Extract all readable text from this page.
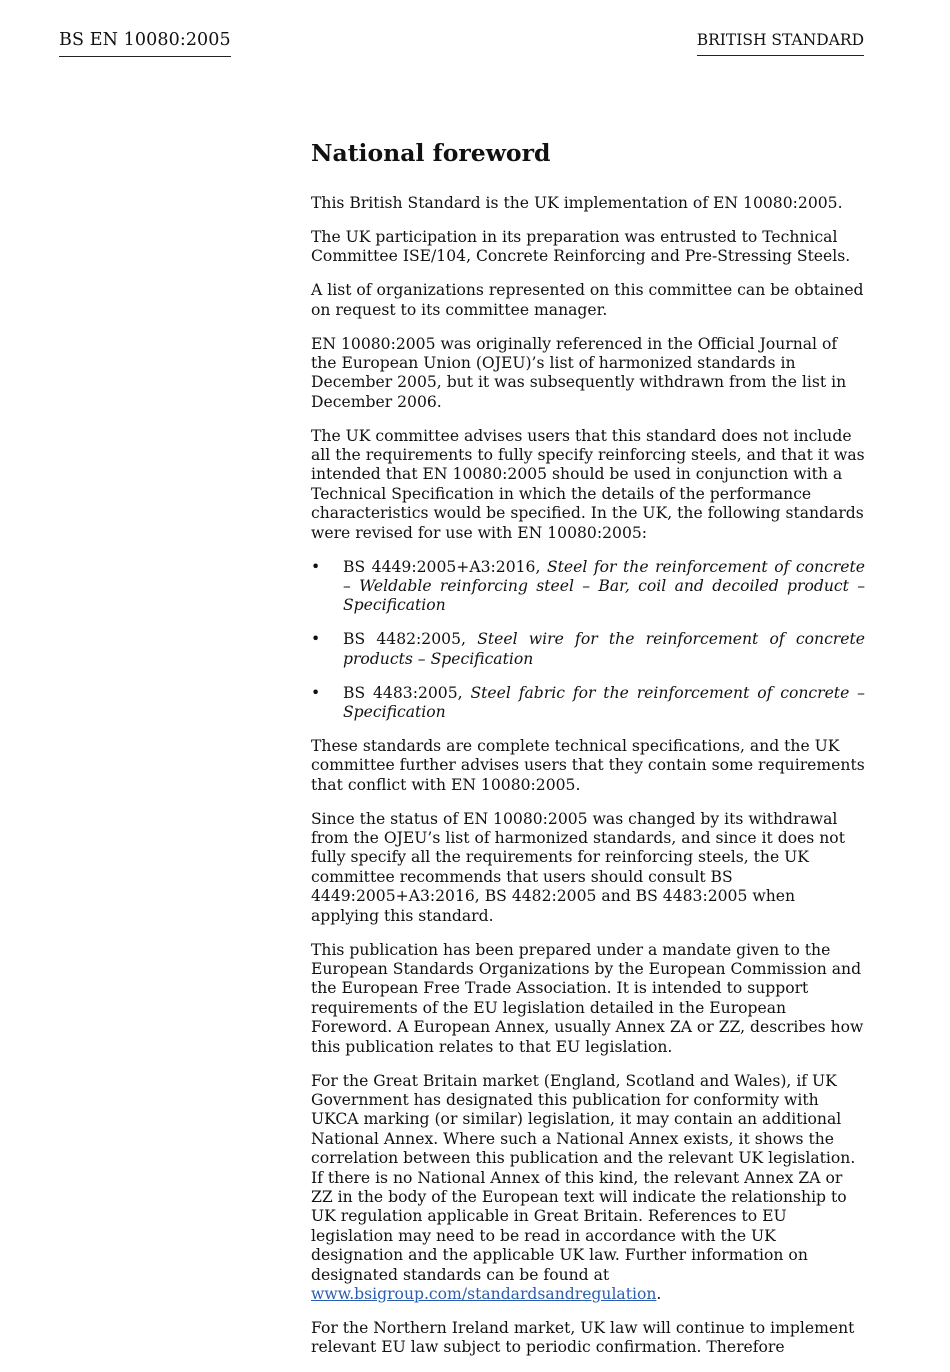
BS EN 10080:2005	BRITISH STANDARD
National foreword

This British Standard is the UK implementation of EN 10080:2005.

The UK participation in its preparation was entrusted to Technical Committee ISE/104, Concrete Reinforcing and Pre-Stressing Steels.

A list of organizations represented on this committee can be obtained on request to its committee manager.

EN 10080:2005 was originally referenced in the Official Journal of the European Union (OJEU)’s list of harmonized standards in December 2005, but it was subsequently withdrawn from the list in December 2006.

The UK committee advises users that this standard does not include all the requirements to fully specify reinforcing steels, and that it was intended that EN 10080:2005 should be used in conjunction with a Technical Specification in which the details of the performance characteristics would be specified. In the UK, the following standards were revised for use with EN 10080:2005:

• BS 4449:2005+A3:2016, Steel for the reinforcement of concrete – Weldable reinforcing steel – Bar, coil and decoiled product – Specification
• BS 4482:2005, Steel wire for the reinforcement of concrete products – Specification
• BS 4483:2005, Steel fabric for the reinforcement of concrete – Specification

These standards are complete technical specifications, and the UK committee further advises users that they contain some requirements that conflict with EN 10080:2005.

Since the status of EN 10080:2005 was changed by its withdrawal from the OJEU’s list of harmonized standards, and since it does not fully specify all the requirements for reinforcing steels, the UK committee recommends that users should consult BS 4449:2005+A3:2016, BS 4482:2005 and BS 4483:2005 when applying this standard.

This publication has been prepared under a mandate given to the European Standards Organizations by the European Commission and the European Free Trade Association. It is intended to support requirements of the EU legislation detailed in the European Foreword. A European Annex, usually Annex ZA or ZZ, describes how this publication relates to that EU legislation.

For the Great Britain market (England, Scotland and Wales), if UK Government has designated this publication for conformity with UKCA marking (or similar) legislation, it may contain an additional National Annex. Where such a National Annex exists, it shows the correlation between this publication and the relevant UK legislation. If there is no National Annex of this kind, the relevant Annex ZA or ZZ in the body of the European text will indicate the relationship to UK regulation applicable in Great Britain. References to EU legislation may need to be read in accordance with the UK designation and the applicable UK law. Further information on designated standards can be found at www.bsigroup.com/standardsandregulation.

For the Northern Ireland market, UK law will continue to implement relevant EU law subject to periodic confirmation. Therefore
